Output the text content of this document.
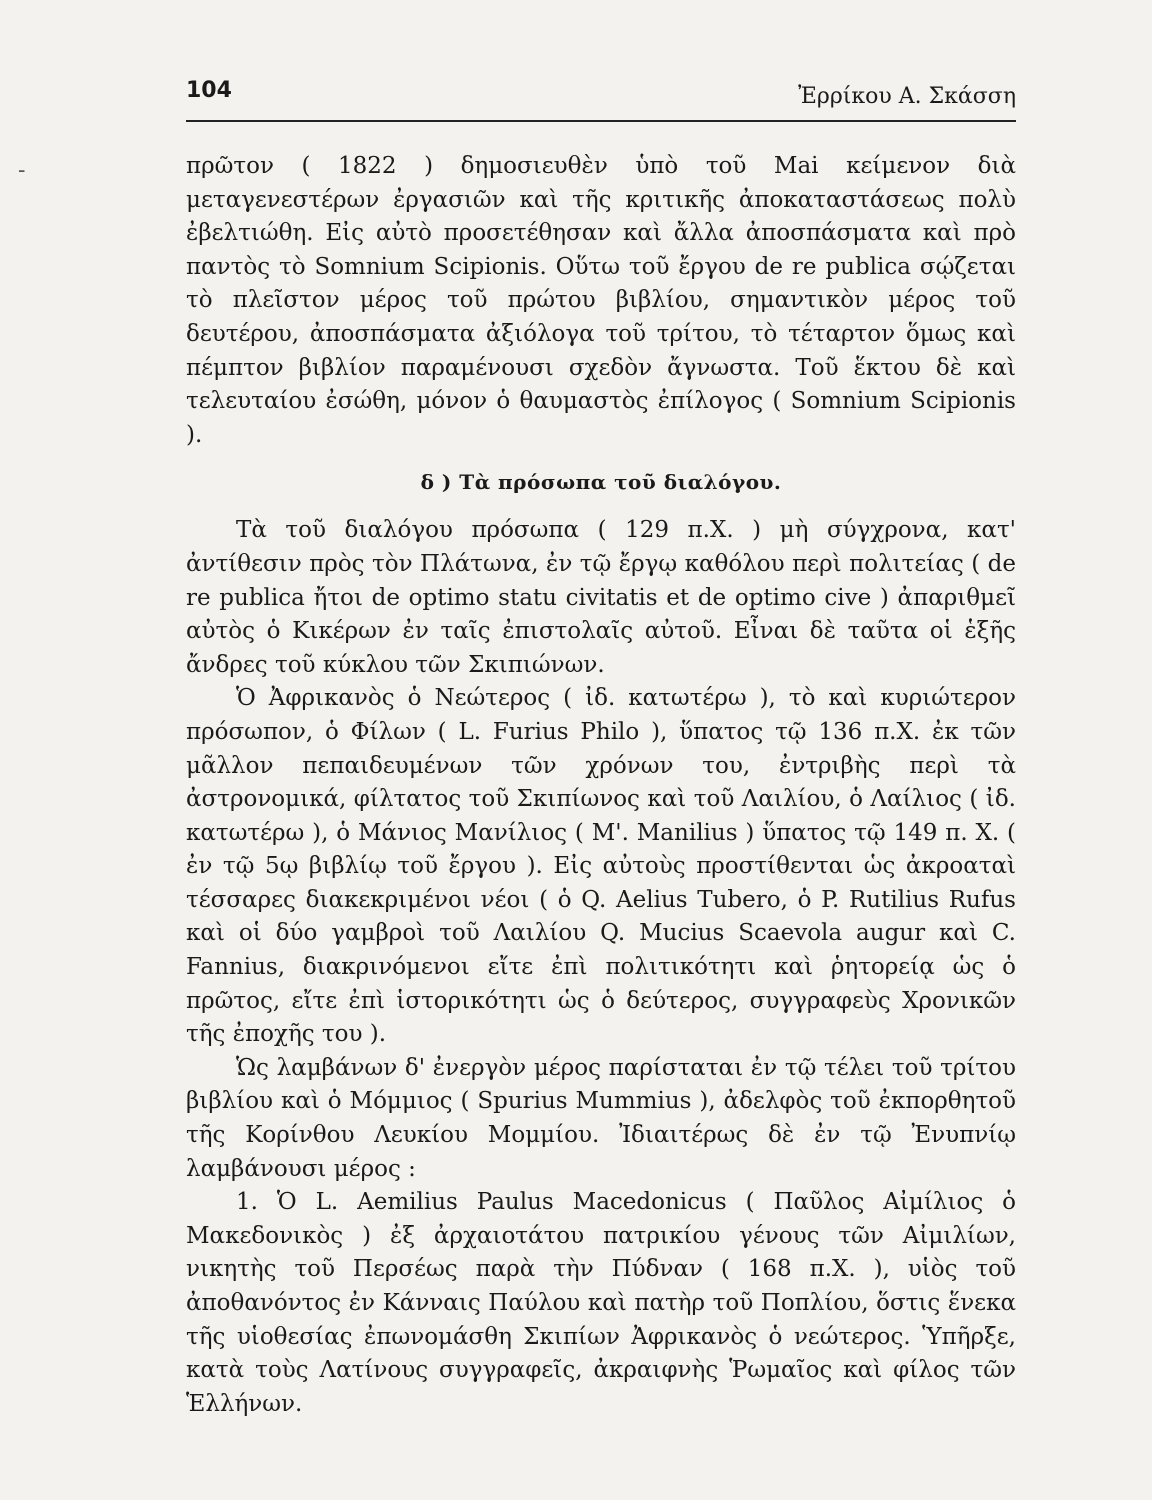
-
104	Ἐρρίκου Α. Σκάσση

πρῶτον ( 1822 ) δημοσιευθὲν ὑπὸ τοῦ Mai κείμενον διὰ μεταγενεστέρων ἐργασιῶν καὶ τῆς κριτικῆς ἀποκαταστάσεως πολὺ ἐβελτιώθη. Εἰς αὐτὸ προσετέθησαν καὶ ἄλλα ἀποσπάσματα καὶ πρὸ παντὸς τὸ Somnium Scipionis. Οὕτω τοῦ ἔργου de re publica σῴζεται τὸ πλεῖστον μέρος τοῦ πρώτου βιβλίου, σημαντικὸν μέρος τοῦ δευτέρου, ἀποσπάσματα ἀξιόλογα τοῦ τρίτου, τὸ τέταρτον ὅμως καὶ πέμπτον βιβλίον παραμένουσι σχεδὸν ἄγνωστα. Τοῦ ἕκτου δὲ καὶ τελευταίου ἐσώθη, μόνον ὁ θαυμαστὸς ἐπίλογος ( Somnium Scipionis ).

δ ) Τὰ πρόσωπα τοῦ διαλόγου.

Τὰ τοῦ διαλόγου πρόσωπα ( 129 π.Χ. ) μὴ σύγχρονα, κατ' ἀντίθεσιν πρὸς τὸν Πλάτωνα, ἐν τῷ ἔργῳ καθόλου περὶ πολιτείας ( de re publica ἤτοι de optimo statu civitatis et de optimo cive ) ἀπαριθμεῖ αὐτὸς ὁ Κικέρων ἐν ταῖς ἐπιστολαῖς αὐτοῦ. Εἶναι δὲ ταῦτα οἱ ἑξῆς ἄνδρες τοῦ κύκλου τῶν Σκιπιώνων.

Ὁ Ἀφρικανὸς ὁ Νεώτερος ( ἰδ. κατωτέρω ), τὸ καὶ κυριώτερον πρόσωπον, ὁ Φίλων ( L. Furius Philo ), ὕπατος τῷ 136 π.Χ. ἐκ τῶν μᾶλλον πεπαιδευμένων τῶν χρόνων του, ἐντριβὴς περὶ τὰ ἀστρονομικά, φίλτατος τοῦ Σκιπίωνος καὶ τοῦ Λαιλίου, ὁ Λαίλιος ( ἰδ. κατωτέρω ), ὁ Μάνιος Μανίλιος ( Μ'. Manilius ) ὕπατος τῷ 149 π. Χ. ( ἐν τῷ 5ῳ βιβλίῳ τοῦ ἔργου ). Εἰς αὐτοὺς προστίθενται ὡς ἀκροαταὶ τέσσαρες διακεκριμένοι νέοι ( ὁ Q. Aelius Tubero, ὁ P. Rutilius Rufus καὶ οἱ δύο γαμβροὶ τοῦ Λαιλίου Q. Mucius Scaevola augur καὶ C. Fannius, διακρινόμενοι εἴτε ἐπὶ πολιτικότητι καὶ ῥητορείᾳ ὡς ὁ πρῶτος, εἴτε ἐπὶ ἱστορικότητι ὡς ὁ δεύτερος, συγγραφεὺς Χρονικῶν τῆς ἐποχῆς του ).

Ὡς λαμβάνων δ' ἐνεργὸν μέρος παρίσταται ἐν τῷ τέλει τοῦ τρίτου βιβλίου καὶ ὁ Μόμμιος ( Spurius Mummius ), ἀδελφὸς τοῦ ἐκπορθητοῦ τῆς Κορίνθου Λευκίου Μομμίου. Ἰδιαιτέρως δὲ ἐν τῷ Ἐνυπνίῳ λαμβάνουσι μέρος :

1. Ὁ L. Aemilius Paulus Macedonicus ( Παῦλος Αἰμίλιος ὁ Μακεδονικὸς ) ἐξ ἀρχαιοτάτου πατρικίου γένους τῶν Αἰμιλίων, νικητὴς τοῦ Περσέως παρὰ τὴν Πύδναν ( 168 π.Χ. ), υἱὸς τοῦ ἀποθανόντος ἐν Κάνναις Παύλου καὶ πατὴρ τοῦ Ποπλίου, ὅστις ἕνεκα τῆς υἱοθεσίας ἐπωνομάσθη Σκιπίων Ἀφρικανὸς ὁ νεώτερος. Ὑπῆρξε, κατὰ τοὺς Λατίνους συγγραφεῖς, ἀκραιφνὴς Ῥωμαῖος καὶ φίλος τῶν Ἑλλήνων.
